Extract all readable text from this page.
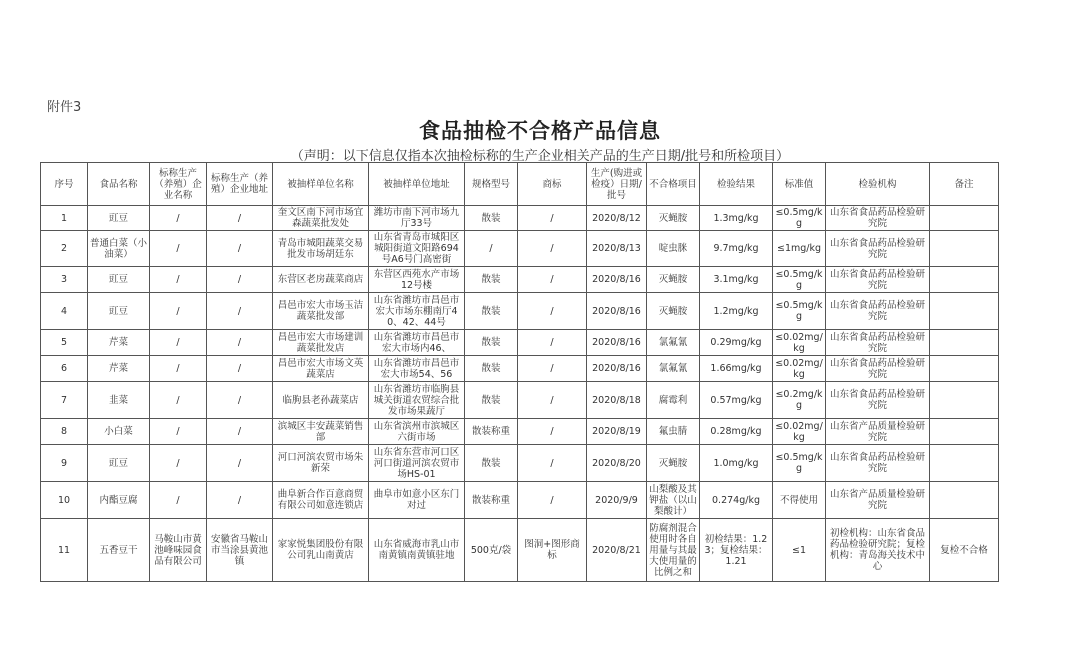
附件3
食品抽检不合格产品信息
（声明：以下信息仅指本次抽检标称的生产企业相关产品的生产日期/批号和所检项目）
序号	食品名称	标称生产（养殖）企业名称	标称生产（养殖）企业地址	被抽样单位名称	被抽样单位地址	规格型号	商标	生产(购进或检疫）日期/批号	不合格项目	检验结果	标准值	检验机构	备注
1	豇豆	/	/	奎文区南下河市场宜森蔬菜批发处	潍坊市南下河市场九厅33号	散装	/	2020/8/12	灭蝇胺	1.3mg/kg	≤0.5mg/kg	山东省食品药品检验研究院	
2	普通白菜（小油菜）	/	/	青岛市城阳蔬菜交易批发市场胡廷东	山东省青岛市城阳区城阳街道文阳路694号A6号门高密街	/	/	2020/8/13	啶虫脒	9.7mg/kg	≤1mg/kg	山东省食品药品检验研究院	
3	豇豆	/	/	东营区老房蔬菜商店	东营区西苑水产市场12号楼	散装	/	2020/8/16	灭蝇胺	3.1mg/kg	≤0.5mg/kg	山东省食品药品检验研究院	
4	豇豆	/	/	昌邑市宏大市场玉洁蔬菜批发部	山东省潍坊市昌邑市宏大市场东棚南厅40、42、44号	散装	/	2020/8/16	灭蝇胺	1.2mg/kg	≤0.5mg/kg	山东省食品药品检验研究院	
5	芹菜	/	/	昌邑市宏大市场建训蔬菜批发店	山东省潍坊市昌邑市宏大市场内46、	散装	/	2020/8/16	氯氟氰	0.29mg/kg	≤0.02mg/kg	山东省食品药品检验研究院	
6	芹菜	/	/	昌邑市宏大市场文英蔬菜店	山东省潍坊市昌邑市宏大市场54、56	散装	/	2020/8/16	氯氟氰	1.66mg/kg	≤0.02mg/kg	山东省食品药品检验研究院	
7	韭菜	/	/	临朐县老孙蔬菜店	山东省潍坊市临朐县城关街道农贸综合批发市场果蔬厅	散装	/	2020/8/18	腐霉利	0.57mg/kg	≤0.2mg/kg	山东省食品药品检验研究院	
8	小白菜	/	/	滨城区丰安蔬菜销售部	山东省滨州市滨城区六街市场	散装称重	/	2020/8/19	氟虫腈	0.28mg/kg	≤0.02mg/kg	山东省产品质量检验研究院	
9	豇豆	/	/	河口河滨农贸市场朱新荣	山东省东营市河口区河口街道河滨农贸市场HS-01	散装	/	2020/8/20	灭蝇胺	1.0mg/kg	≤0.5mg/kg	山东省食品药品检验研究院	
10	内酯豆腐	/	/	曲阜新合作百意商贸有限公司如意连锁店	曲阜市如意小区东门对过	散装称重	/	2020/9/9	山梨酸及其钾盐（以山梨酸计）	0.274g/kg	不得使用	山东省产品质量检验研究院	
11	五香豆干	马鞍山市黄池峰味园食品有限公司	安徽省马鞍山市当涂县黄池镇	家家悦集团股份有限公司乳山南黄店	山东省威海市乳山市南黄镇南黄镇驻地	500克/袋	图洞+图形商标	2020/8/21	防腐剂混合使用时各自用量与其最大使用量的比例之和	初检结果：1.23；复检结果：1.21	≤1	初检机构：山东省食品药品检验研究院；复检机构：青岛海关技术中心	复检不合格
